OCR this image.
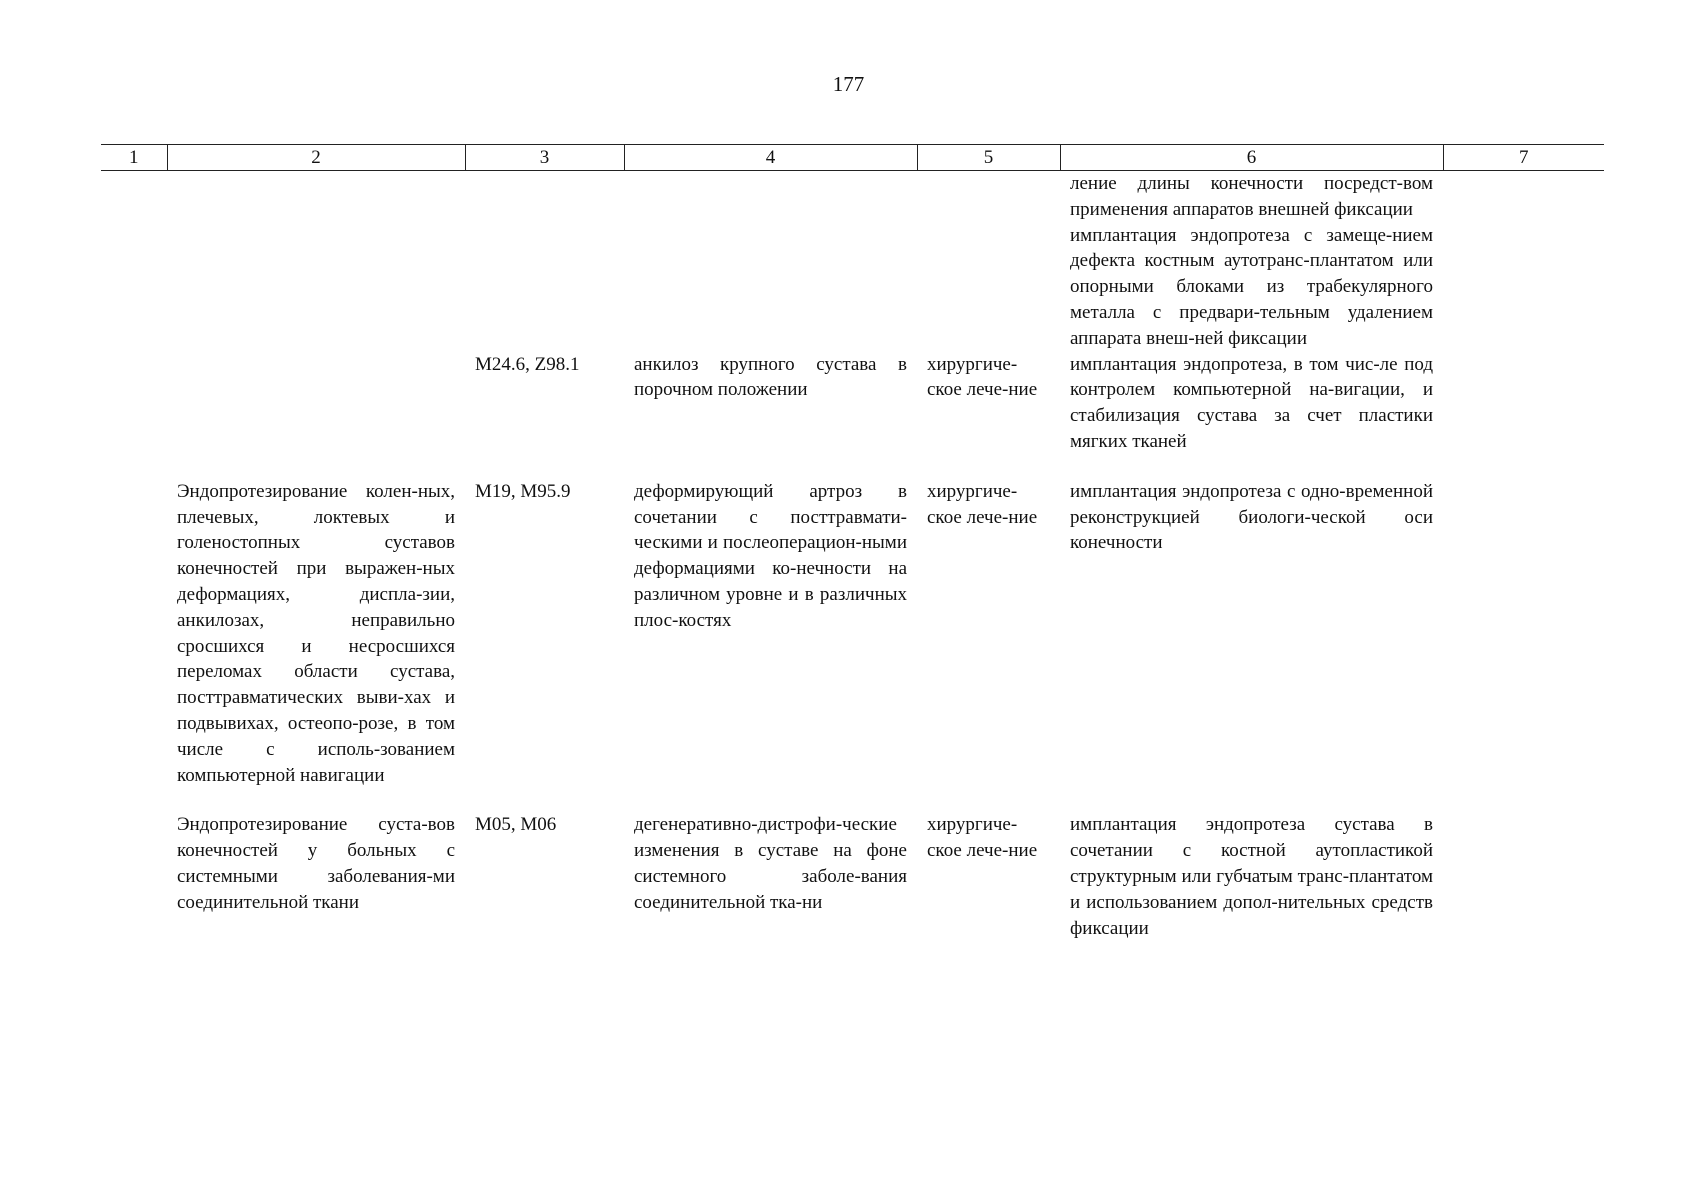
177
1	2	3	4	5	6	7

					ление длины конечности посредст-вом применения аппаратов внешней фиксации
имплантация эндопротеза с замеще-нием дефекта костным аутотранс-плантатом или опорными блоками из трабекулярного металла с предвари-тельным удалением аппарата внеш-ней фиксации	

		M24.6, Z98.1	анкилоз крупного сустава в порочном положении	хирургиче-ское лече-ние	имплантация эндопротеза, в том чис-ле под контролем компьютерной на-вигации, и стабилизация сустава за счет пластики мягких тканей	

	Эндопротезирование колен-ных, плечевых, локтевых и голеностопных суставов конечностей при выражен-ных деформациях, диспла-зии, анкилозах, неправильно сросшихся и несросшихся переломах области сустава, посттравматических выви-хах и подвывихах, остеопо-розе, в том числе с исполь-зованием компьютерной навигации	M19, M95.9	деформирующий артроз в сочетании с посттравмати-ческими и послеоперацион-ными деформациями ко-нечности на различном уровне и в различных плос-костях	хирургиче-ское лече-ние	имплантация эндопротеза с одно-временной реконструкцией биологи-ческой оси конечности	

	Эндопротезирование суста-вов конечностей у больных с системными заболевания-ми соединительной ткани	M05, M06	дегенеративно-дистрофи-ческие изменения в суставе на фоне системного заболе-вания соединительной тка-ни	хирургиче-ское лече-ние	имплантация эндопротеза сустава в сочетании с костной аутопластикой структурным или губчатым транс-плантатом и использованием допол-нительных средств фиксации	
